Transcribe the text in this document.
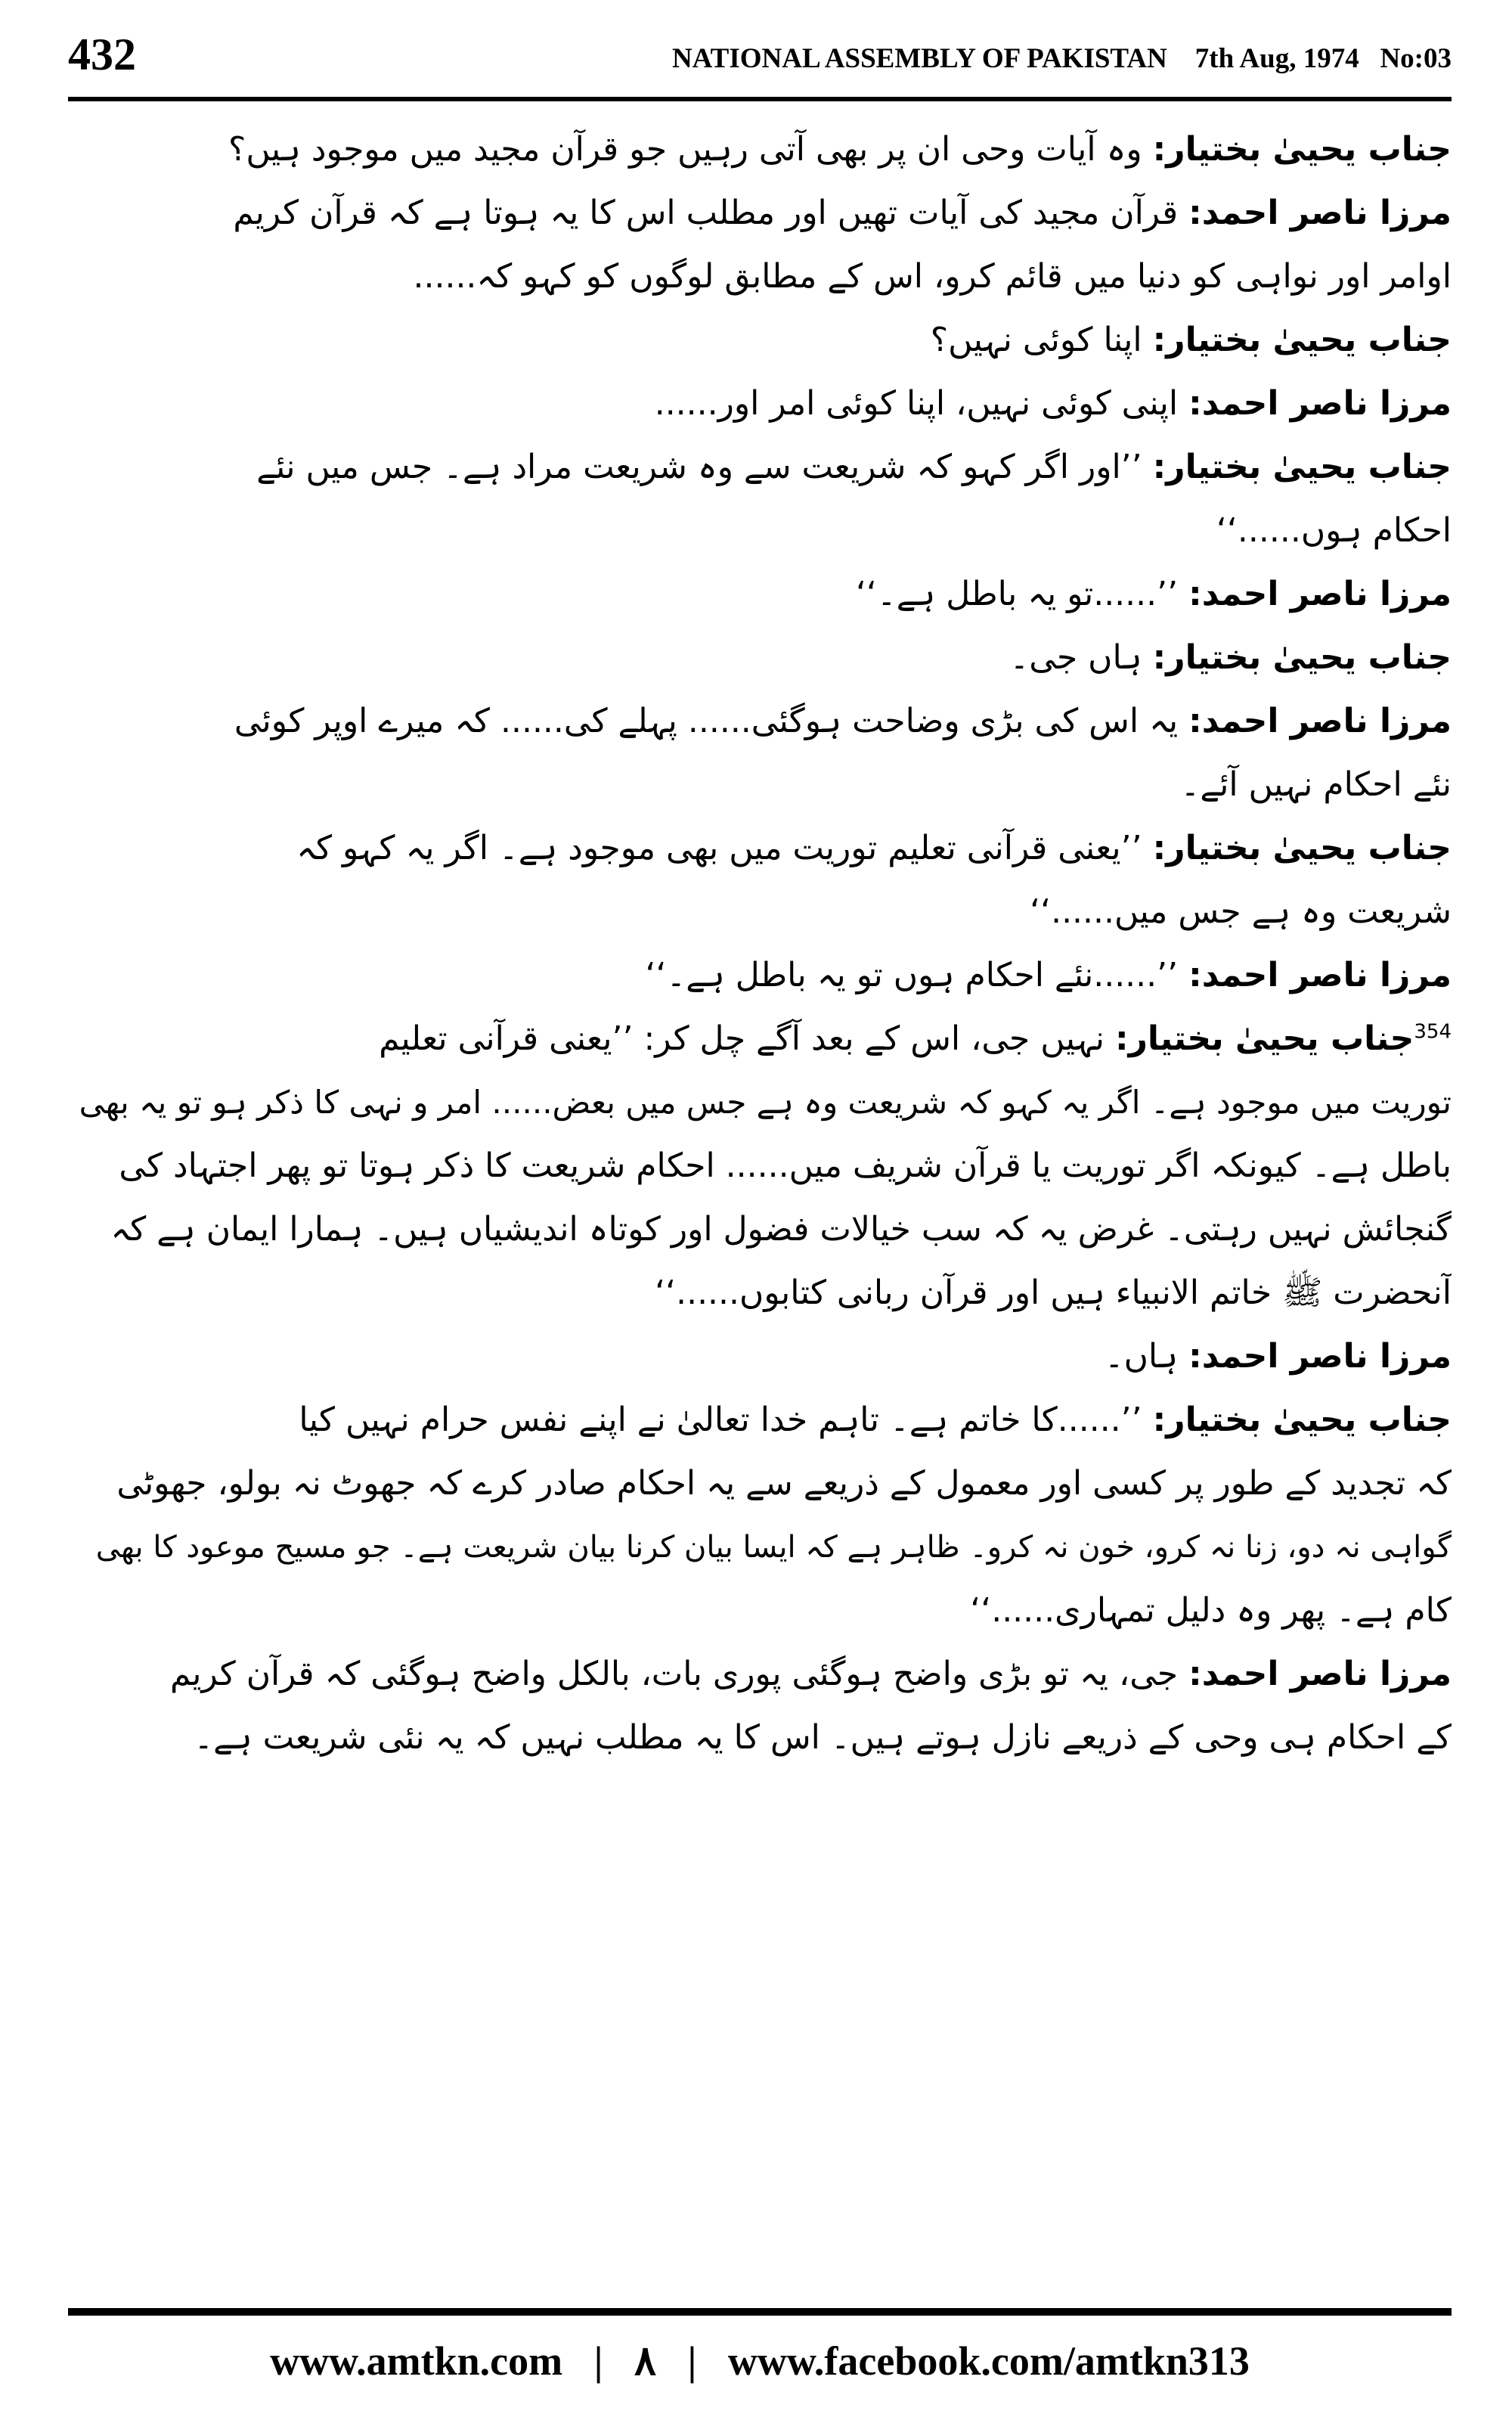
432	NATIONAL ASSEMBLY OF PAKISTAN    7th Aug, 1974   No:03
جناب یحییٰ بختیار: وہ آیات وحی ان پر بھی آتی رہیں جو قرآن مجید میں موجود ہیں؟
مرزا ناصر احمد: قرآن مجید کی آیات تھیں اور مطلب اس کا یہ ہوتا ہے کہ قرآن کریم
اوامر اور نواہی کو دنیا میں قائم کرو، اس کے مطابق لوگوں کو کہو کہ......
جناب یحییٰ بختیار: اپنا کوئی نہیں؟
مرزا ناصر احمد: اپنی کوئی نہیں، اپنا کوئی امر اور......
جناب یحییٰ بختیار: ’’اور اگر کہو کہ شریعت سے وہ شریعت مراد ہے۔ جس میں نئے
احکام ہوں......‘‘
مرزا ناصر احمد: ’’......تو یہ باطل ہے۔‘‘
جناب یحییٰ بختیار: ہاں جی۔
مرزا ناصر احمد: یہ اس کی بڑی وضاحت ہوگئی...... پہلے کی...... کہ میرے اوپر کوئی
نئے احکام نہیں آئے۔
جناب یحییٰ بختیار: ’’یعنی قرآنی تعلیم توریت میں بھی موجود ہے۔ اگر یہ کہو کہ
شریعت وہ ہے جس میں......‘‘
مرزا ناصر احمد: ’’......نئے احکام ہوں تو یہ باطل ہے۔‘‘
$^{354}$جناب یحییٰ بختیار: نہیں جی، اس کے بعد آگے چل کر: ’’یعنی قرآنی تعلیم
توریت میں موجود ہے۔ اگر یہ کہو کہ شریعت وہ ہے جس میں بعض...... امر و نہی کا ذکر ہو تو یہ بھی
باطل ہے۔ کیونکہ اگر توریت یا قرآن شریف میں...... احکام شریعت کا ذکر ہوتا تو پھر اجتہاد کی
گنجائش نہیں رہتی۔ غرض یہ کہ سب خیالات فضول اور کوتاہ اندیشیاں ہیں۔ ہمارا ایمان ہے کہ
آنحضرت ﷺ خاتم الانبیاء ہیں اور قرآن ربانی کتابوں......‘‘
مرزا ناصر احمد: ہاں۔
جناب یحییٰ بختیار: ’’......کا خاتم ہے۔ تاہم خدا تعالیٰ نے اپنے نفس حرام نہیں کیا
کہ تجدید کے طور پر کسی اور معمول کے ذریعے سے یہ احکام صادر کرے کہ جھوٹ نہ بولو، جھوٹی
گواہی نہ دو، زنا نہ کرو، خون نہ کرو۔ ظاہر ہے کہ ایسا بیان کرنا بیان شریعت ہے۔ جو مسیح موعود کا بھی
کام ہے۔ پھر وہ دلیل تمہاری......‘‘
مرزا ناصر احمد: جی، یہ تو بڑی واضح ہوگئی پوری بات، بالکل واضح ہوگئی کہ قرآن کریم
کے احکام ہی وحی کے ذریعے نازل ہوتے ہیں۔ اس کا یہ مطلب نہیں کہ یہ نئی شریعت ہے۔
www.amtkn.com | ٨ | www.facebook.com/amtkn313
